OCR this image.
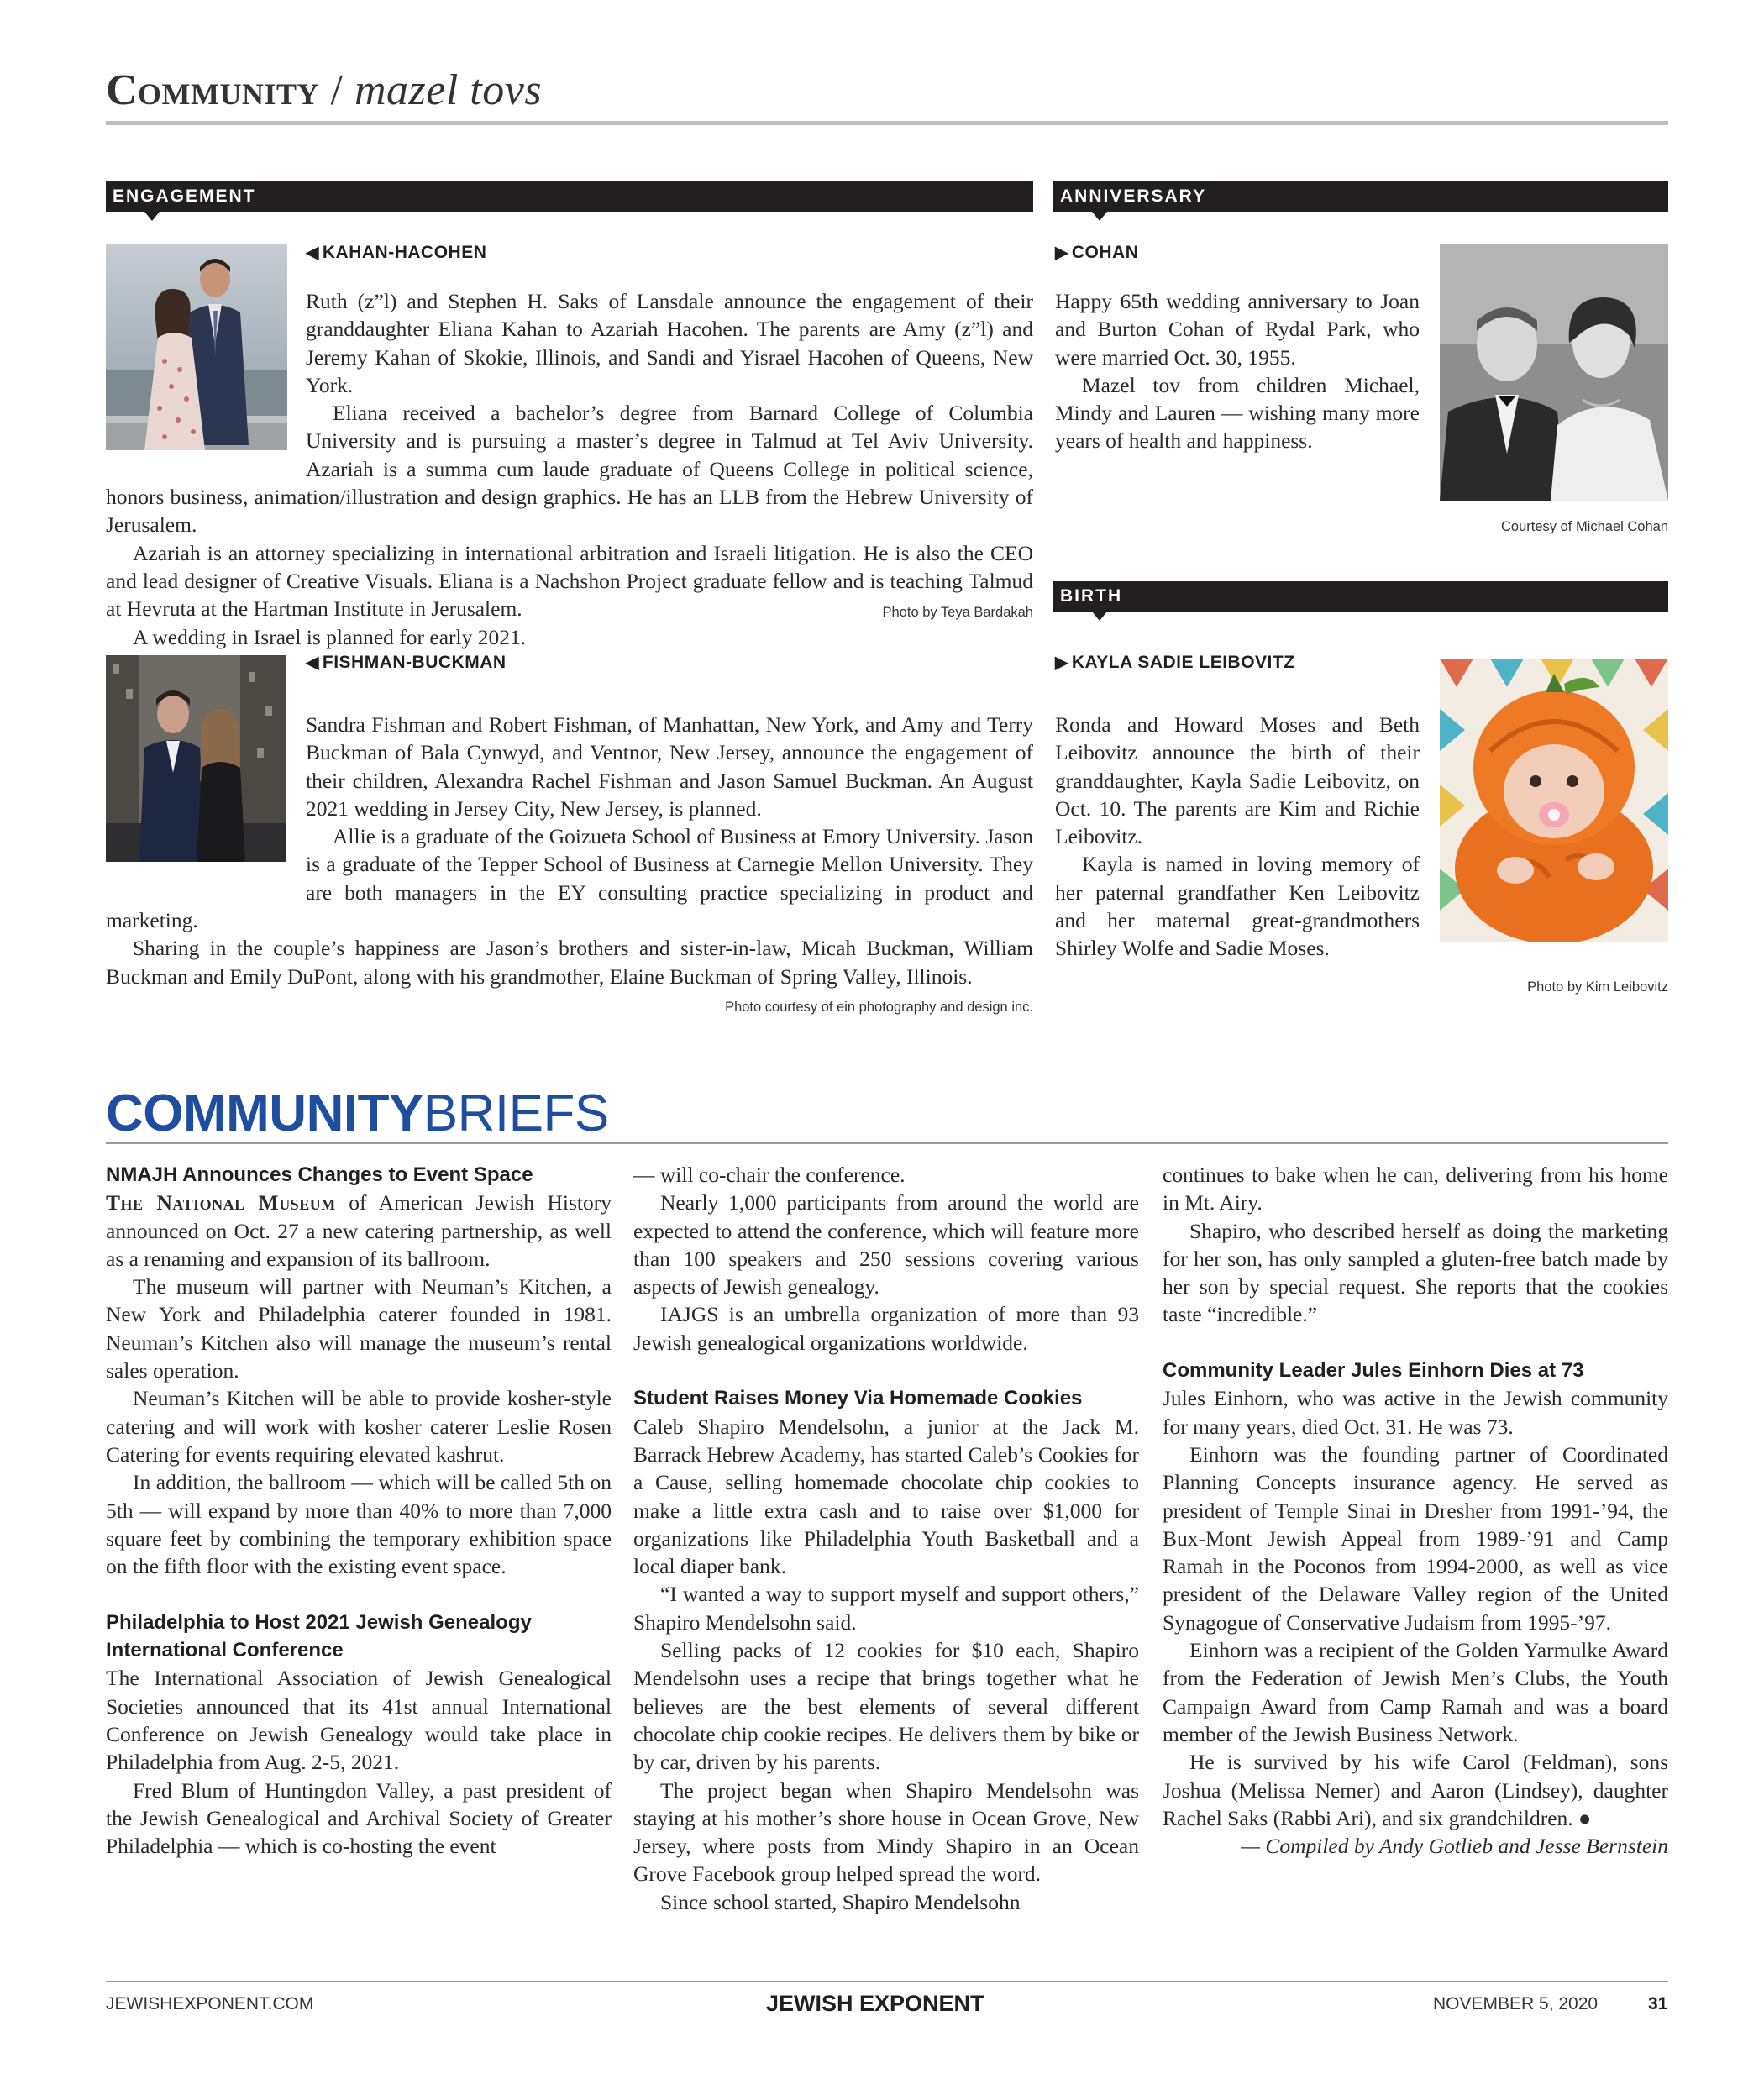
Community / mazel tovs
ENGAGEMENT
◀ KAHAN-HACOHEN

Ruth (z”l) and Stephen H. Saks of Lansdale announce the engagement of their granddaughter Eliana Kahan to Azariah Hacohen. The parents are Amy (z”l) and Jeremy Kahan of Skokie, Illinois, and Sandi and Yisrael Hacohen of Queens, New York.

Eliana received a bachelor’s degree from Barnard College of Columbia University and is pursuing a master’s degree in Talmud at Tel Aviv University. Azariah is a summa cum laude graduate of Queens College in political science, honors business, animation/illustration and design graphics. He has an LLB from the Hebrew University of Jerusalem.

Azariah is an attorney specializing in international arbitration and Israeli litigation. He is also the CEO and lead designer of Creative Visuals. Eliana is a Nachshon Project graduate fellow and is teaching Talmud at Hevruta at the Hartman Institute in Jerusalem.

A wedding in Israel is planned for early 2021.

Photo by Teya Bardakah
◀ FISHMAN-BUCKMAN

Sandra Fishman and Robert Fishman, of Manhattan, New York, and Amy and Terry Buckman of Bala Cynwyd, and Ventnor, New Jersey, announce the engagement of their children, Alexandra Rachel Fishman and Jason Samuel Buckman. An August 2021 wedding in Jersey City, New Jersey, is planned.

Allie is a graduate of the Goizueta School of Business at Emory University. Jason is a graduate of the Tepper School of Business at Carnegie Mellon University. They are both managers in the EY consulting practice specializing in product and marketing.

Sharing in the couple’s happiness are Jason’s brothers and sister-in-law, Micah Buckman, William Buckman and Emily DuPont, along with his grandmother, Elaine Buckman of Spring Valley, Illinois.

Photo courtesy of ein photography and design inc.
ANNIVERSARY
▶ COHAN

Happy 65th wedding anniversary to Joan and Burton Cohan of Rydal Park, who were married Oct. 30, 1955.

Mazel tov from children Michael, Mindy and Lauren — wishing many more years of health and happiness.

Courtesy of Michael Cohan
BIRTH
▶ KAYLA SADIE LEIBOVITZ

Ronda and Howard Moses and Beth Leibovitz announce the birth of their granddaughter, Kayla Sadie Leibovitz, on Oct. 10. The parents are Kim and Richie Leibovitz.

Kayla is named in loving memory of her paternal grandfather Ken Leibovitz and her maternal great-grandmothers Shirley Wolfe and Sadie Moses.

Photo by Kim Leibovitz
COMMUNITYBRIEFS
NMAJH Announces Changes to Event Space

The National Museum of American Jewish History announced on Oct. 27 a new catering partnership, as well as a renaming and expansion of its ballroom.

The museum will partner with Neuman’s Kitchen, a New York and Philadelphia caterer founded in 1981. Neuman’s Kitchen also will manage the museum’s rental sales operation.

Neuman’s Kitchen will be able to provide kosher-style catering and will work with kosher caterer Leslie Rosen Catering for events requiring elevated kashrut.

In addition, the ballroom — which will be called 5th on 5th — will expand by more than 40% to more than 7,000 square feet by combining the temporary exhibition space on the fifth floor with the existing event space.

Philadelphia to Host 2021 Jewish Genealogy International Conference

The International Association of Jewish Genealogical Societies announced that its 41st annual International Conference on Jewish Genealogy would take place in Philadelphia from Aug. 2-5, 2021.

Fred Blum of Huntingdon Valley, a past president of the Jewish Genealogical and Archival Society of Greater Philadelphia — which is co-hosting the event

— will co-chair the conference.

Nearly 1,000 participants from around the world are expected to attend the conference, which will feature more than 100 speakers and 250 sessions covering various aspects of Jewish genealogy.

IAJGS is an umbrella organization of more than 93 Jewish genealogical organizations worldwide.

Student Raises Money Via Homemade Cookies

Caleb Shapiro Mendelsohn, a junior at the Jack M. Barrack Hebrew Academy, has started Caleb’s Cookies for a Cause, selling homemade chocolate chip cookies to make a little extra cash and to raise over $1,000 for organizations like Philadelphia Youth Basketball and a local diaper bank.

“I wanted a way to support myself and support others,” Shapiro Mendelsohn said.

Selling packs of 12 cookies for $10 each, Shapiro Mendelsohn uses a recipe that brings together what he believes are the best elements of several different chocolate chip cookie recipes. He delivers them by bike or by car, driven by his parents.

The project began when Shapiro Mendelsohn was staying at his mother’s shore house in Ocean Grove, New Jersey, where posts from Mindy Shapiro in an Ocean Grove Facebook group helped spread the word.

Since school started, Shapiro Mendelsohn

continues to bake when he can, delivering from his home in Mt. Airy.

Shapiro, who described herself as doing the marketing for her son, has only sampled a gluten-free batch made by her son by special request. She reports that the cookies taste “incredible.”

Community Leader Jules Einhorn Dies at 73

Jules Einhorn, who was active in the Jewish community for many years, died Oct. 31. He was 73.

Einhorn was the founding partner of Coordinated Planning Concepts insurance agency. He served as president of Temple Sinai in Dresher from 1991-’94, the Bux-Mont Jewish Appeal from 1989-’91 and Camp Ramah in the Poconos from 1994-2000, as well as vice president of the Delaware Valley region of the United Synagogue of Conservative Judaism from 1995-’97.

Einhorn was a recipient of the Golden Yarmulke Award from the Federation of Jewish Men’s Clubs, the Youth Campaign Award from Camp Ramah and was a board member of the Jewish Business Network.

He is survived by his wife Carol (Feldman), sons Joshua (Melissa Nemer) and Aaron (Lindsey), daughter Rachel Saks (Rabbi Ari), and six grandchildren. ●

— Compiled by Andy Gotlieb and Jesse Bernstein

JEWISHEXPONENT.COM	JEWISH EXPONENT	NOVEMBER 5, 2020	31
